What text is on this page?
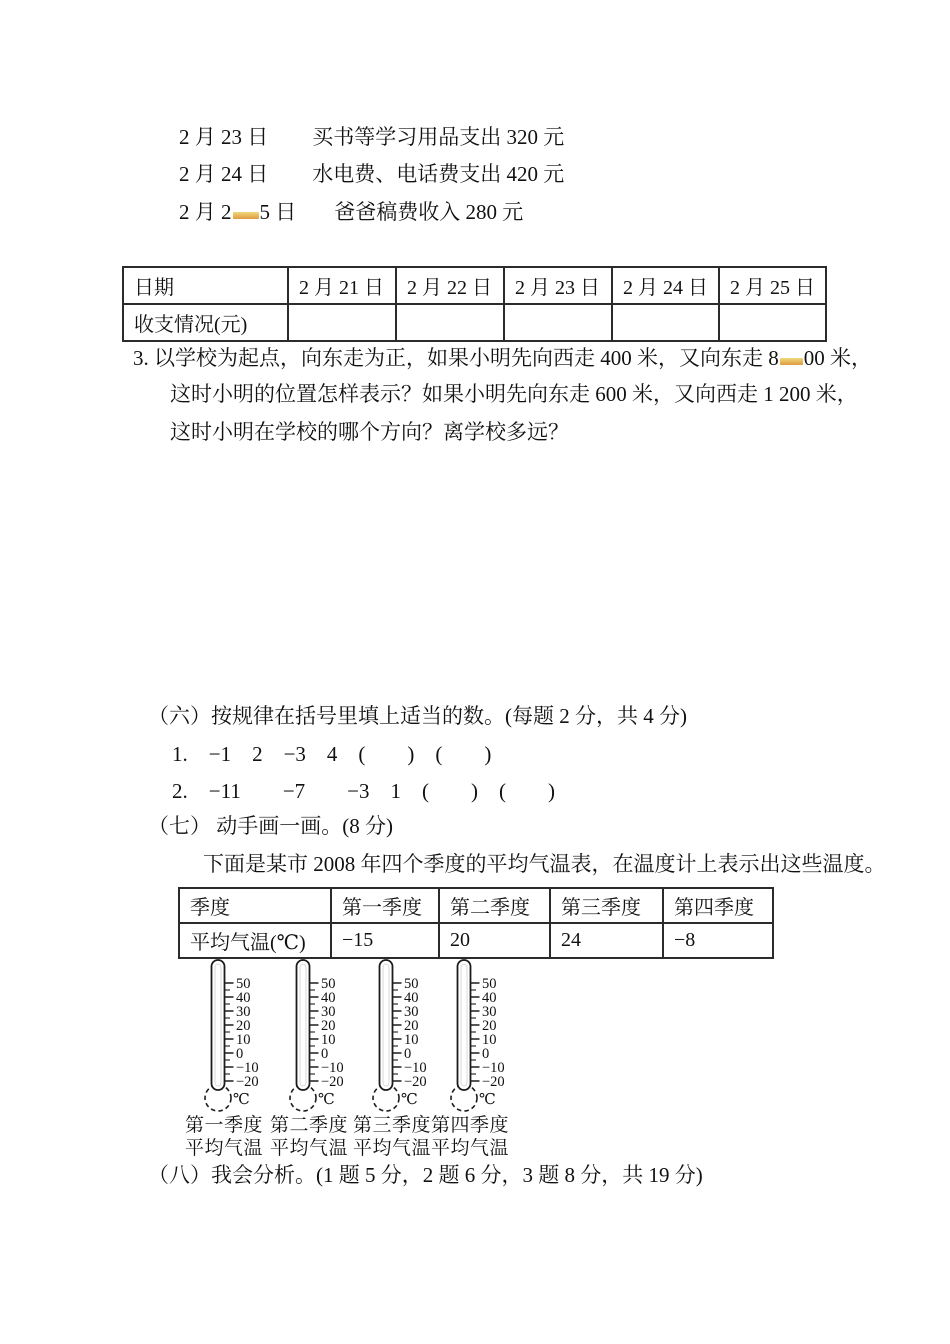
2 月 23 日 买书等学习用品支出 320 元
2 月 24 日 水电费、电话费支出 420 元
2 月 2 5 日 爸爸稿费收入 280 元
日期	2 月 21 日	2 月 22 日	2 月 23 日	2 月 24 日	2 月 25 日
收支情况(元)					
3. 以学校为起点，向东走为正，如果小明先向西走 400 米，又向东走 8 00 米，
这时小明的位置怎样表示？如果小明先向东走 600 米，又向西走 1 200 米，
这时小明在学校的哪个方向？离学校多远？
（六）按规律在括号里填上适当的数。(每题 2 分，共 4 分)
1.　−1　2　−3　4　(　　)　(　　)
2.　−11　　−7　　−3　1　(　　)　(　　)
（七） 动手画一画。(8 分)
下面是某市 2008 年四个季度的平均气温表，在温度计上表示出这些温度。
季度	第一季度	第二季度	第三季度	第四季度
平均气温(℃)	−15	20	24	−8
50
40
30
20
10
0
−10
−20
℃
第一季度
平均气温
50
40
30
20
10
0
−10
−20
℃
第二季度
平均气温
50
40
30
20
10
0
−10
−20
℃
第三季度
平均气温
50
40
30
20
10
0
−10
−20
℃
第四季度
平均气温
（八）我会分析。(1 题 5 分，2 题 6 分，3 题 8 分，共 19 分)
